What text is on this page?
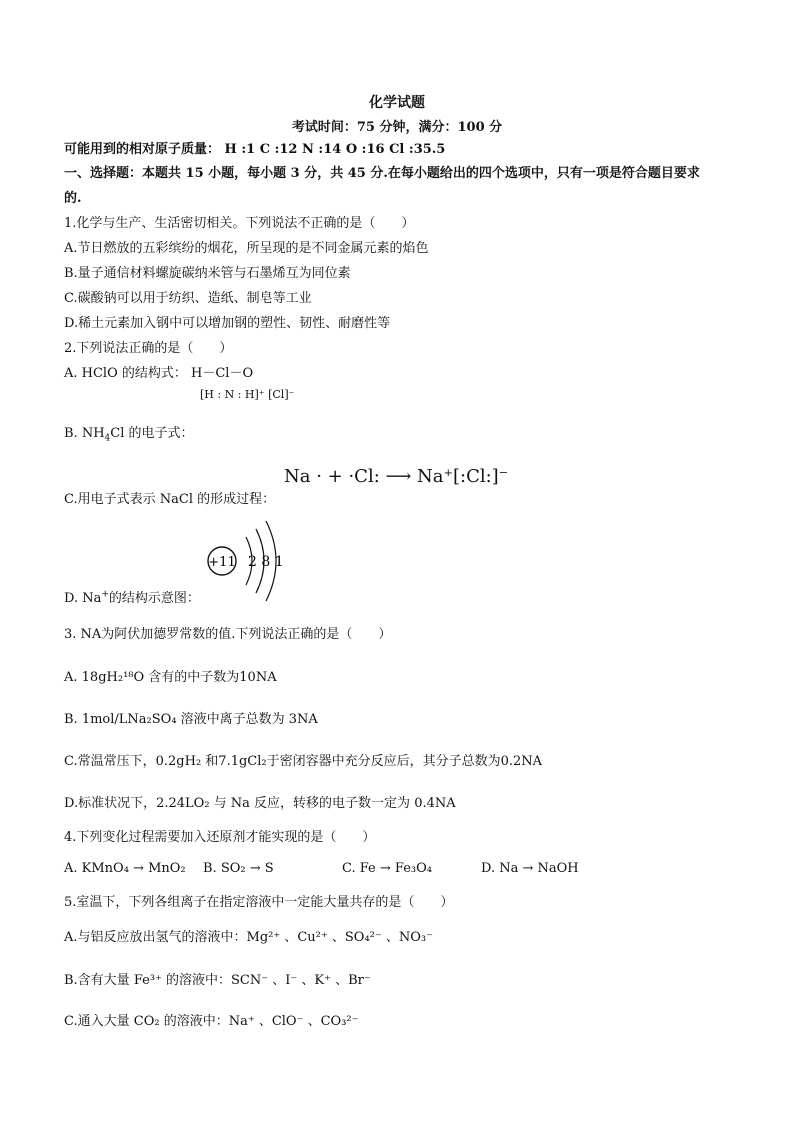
化学试题
考试时间：75 分钟，满分：100 分
可能用到的相对原子质量： H :1 C :12 N :14 O :16 Cl :35.5
一、选择题：本题共 15 小题，每小题 3 分，共 45 分.在每小题给出的四个选项中，只有一项是符合题目要求
的.
1.化学与生产、生活密切相关。下列说法不正确的是（　　）
A.节日燃放的五彩缤纷的烟花，所呈现的是不同金属元素的焰色
B.量子通信材料螺旋碳纳米管与石墨烯互为同位素
C.碳酸钠可以用于纺织、造纸、制皂等工业
D.稀土元素加入钢中可以增加钢的塑性、韧性、耐磨性等
2.下列说法正确的是（　　）
A. HClO 的结构式： H－Cl－O
[H : N : H]⁺ [Cl]⁻
B. $NH_4Cl$ 的电子式：
Na · + ·Cl: ⟶ Na⁺[:Cl:]⁻
C.用电子式表示 NaCl 的形成过程：
+11 2 8 1
D. Na+的结构示意图：
3. NA为阿伏加德罗常数的值.下列说法正确的是（　　）
A. 18gH₂¹⁸O 含有的中子数为10NA
B. 1mol/LNa₂SO₄ 溶液中离子总数为 3NA
C.常温常压下，0.2gH₂ 和7.1gCl₂于密闭容器中充分反应后，其分子总数为0.2NA
D.标准状况下，2.24LO₂ 与 Na 反应，转移的电子数一定为 0.4NA
4.下列变化过程需要加入还原剂才能实现的是（　　）
A. KMnO₄ → MnO₂ B. SO₂ → S	C. Fe → Fe₃O₄	D. Na → NaOH
5.室温下，下列各组离子在指定溶液中一定能大量共存的是（　　）
A.与铝反应放出氢气的溶液中：Mg²⁺ 、Cu²⁺ 、SO₄²⁻ 、NO₃⁻
B.含有大量 Fe³⁺ 的溶液中：SCN⁻ 、I⁻ 、K⁺ 、Br⁻
C.通入大量 CO₂ 的溶液中：Na⁺ 、ClO⁻ 、CO₃²⁻
